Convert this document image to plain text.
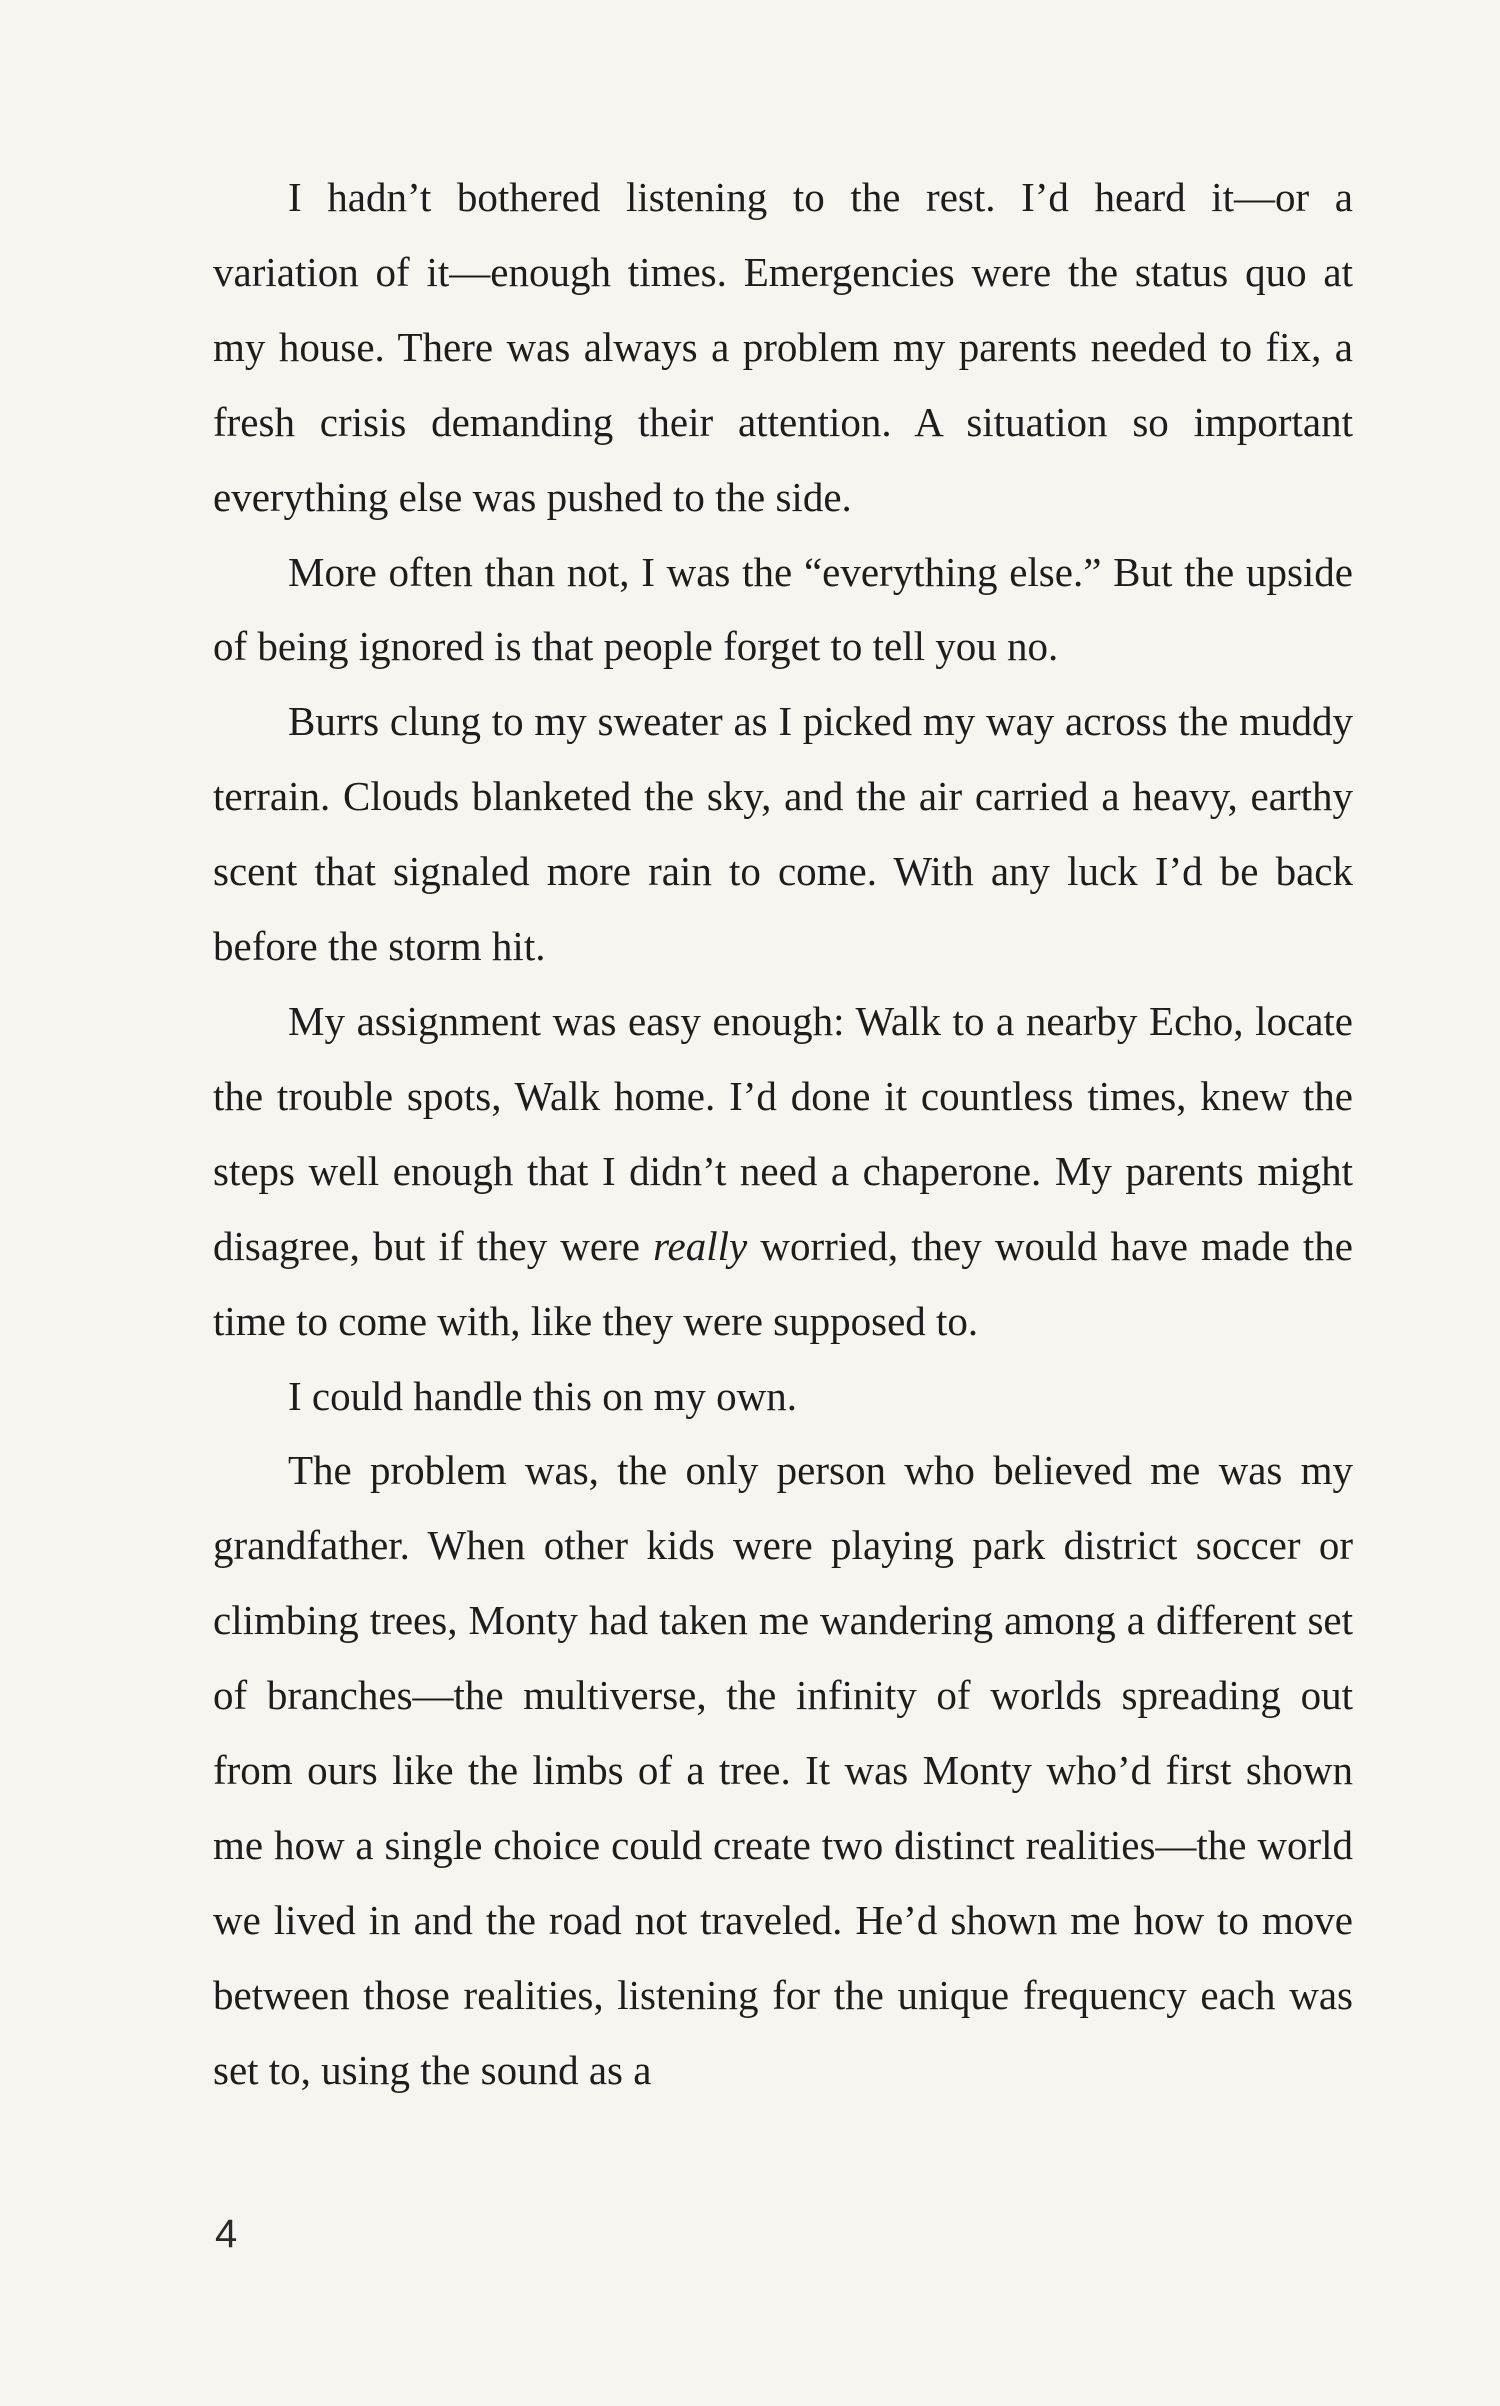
I hadn’t bothered listening to the rest. I’d heard it—or a variation of it—enough times. Emergencies were the status quo at my house. There was always a problem my parents needed to fix, a fresh crisis demanding their attention. A situation so important everything else was pushed to the side.

More often than not, I was the “everything else.” But the upside of being ignored is that people forget to tell you no.

Burrs clung to my sweater as I picked my way across the muddy terrain. Clouds blanketed the sky, and the air carried a heavy, earthy scent that signaled more rain to come. With any luck I’d be back before the storm hit.

My assignment was easy enough: Walk to a nearby Echo, locate the trouble spots, Walk home. I’d done it countless times, knew the steps well enough that I didn’t need a chaperone. My parents might disagree, but if they were really worried, they would have made the time to come with, like they were supposed to.

I could handle this on my own.

The problem was, the only person who believed me was my grandfather. When other kids were playing park district soccer or climbing trees, Monty had taken me wandering among a different set of branches—the multiverse, the infinity of worlds spreading out from ours like the limbs of a tree. It was Monty who’d first shown me how a single choice could create two distinct realities—the world we lived in and the road not traveled. He’d shown me how to move between those realities, listening for the unique frequency each was set to, using the sound as a

4
